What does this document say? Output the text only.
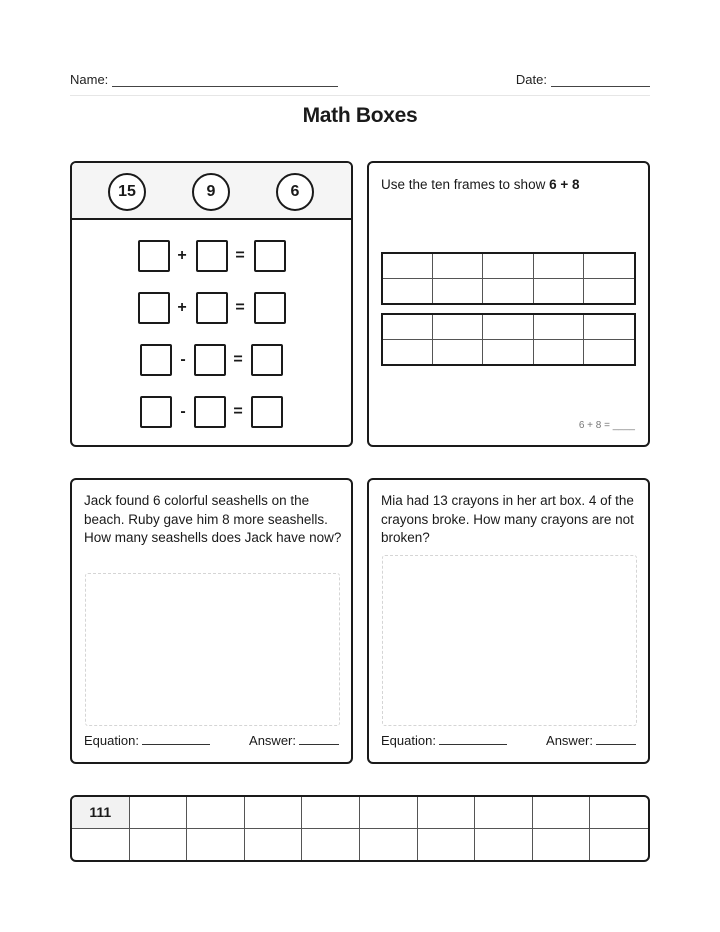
Name:	Date:
Math Boxes
15	9	6
+	=
+	=
-	=
-	=
Use the ten frames to show 6 + 8
6 + 8 = ____
Jack found 6 colorful seashells on the beach. Ruby gave him 8 more seashells. How many seashells does Jack have now?
Equation:	Answer:
Mia had 13 crayons in her art box. 4 of the crayons broke. How many crayons are not broken?
Equation:	Answer:
111
